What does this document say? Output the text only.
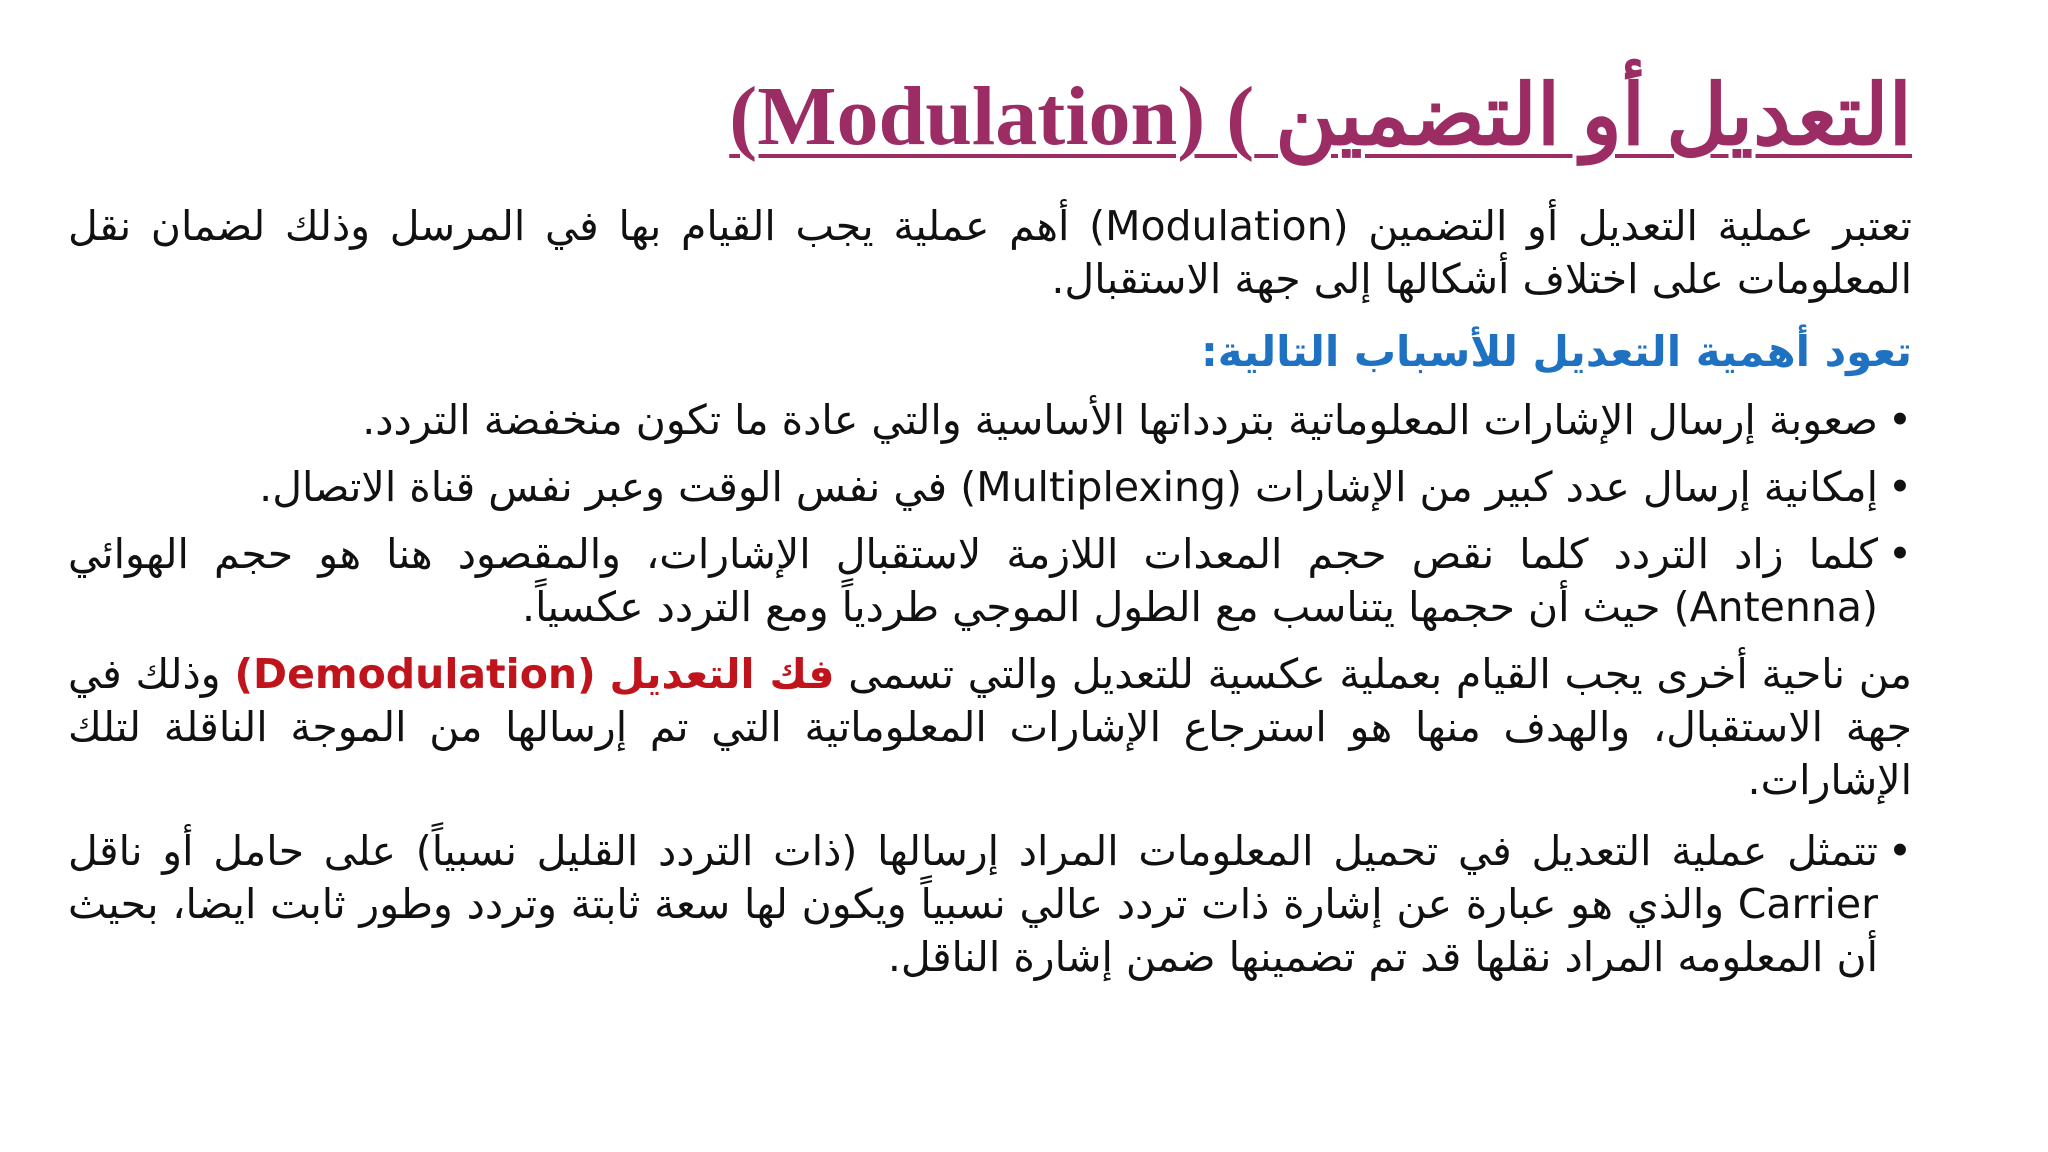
التعديل أو التضمين (Modulation) (

تعتبر عملية التعديل أو التضمين (Modulation) أهم عملية يجب القيام بها في المرسل وذلك لضمان نقل المعلومات على اختلاف أشكالها إلى جهة الاستقبال.

تعود أهمية التعديل للأسباب التالية:
•
صعوبة إرسال الإشارات المعلوماتية بتردداتها الأساسية والتي عادة ما تكون منخفضة التردد.
•
إمكانية إرسال عدد كبير من الإشارات (Multiplexing) في نفس الوقت وعبر نفس قناة الاتصال.
•
كلما زاد التردد كلما نقص حجم المعدات اللازمة لاستقبال الإشارات، والمقصود هنا هو حجم الهوائي (Antenna) حيث أن حجمها يتناسب مع الطول الموجي طردياً ومع التردد عكسياً.

من ناحية أخرى يجب القيام بعملية عكسية للتعديل والتي تسمى فك التعديل (Demodulation) وذلك في جهة الاستقبال، والهدف منها هو استرجاع الإشارات المعلوماتية التي تم إرسالها من الموجة الناقلة لتلك الإشارات.

•
تتمثل عملية التعديل في تحميل المعلومات المراد إرسالها (ذات التردد القليل نسبياً) على حامل أو ناقل Carrier والذي هو عبارة عن إشارة ذات تردد عالي نسبياً ويكون لها سعة ثابتة وتردد وطور ثابت ايضا، بحيث أن المعلومه المراد نقلها قد تم تضمينها ضمن إشارة الناقل.
